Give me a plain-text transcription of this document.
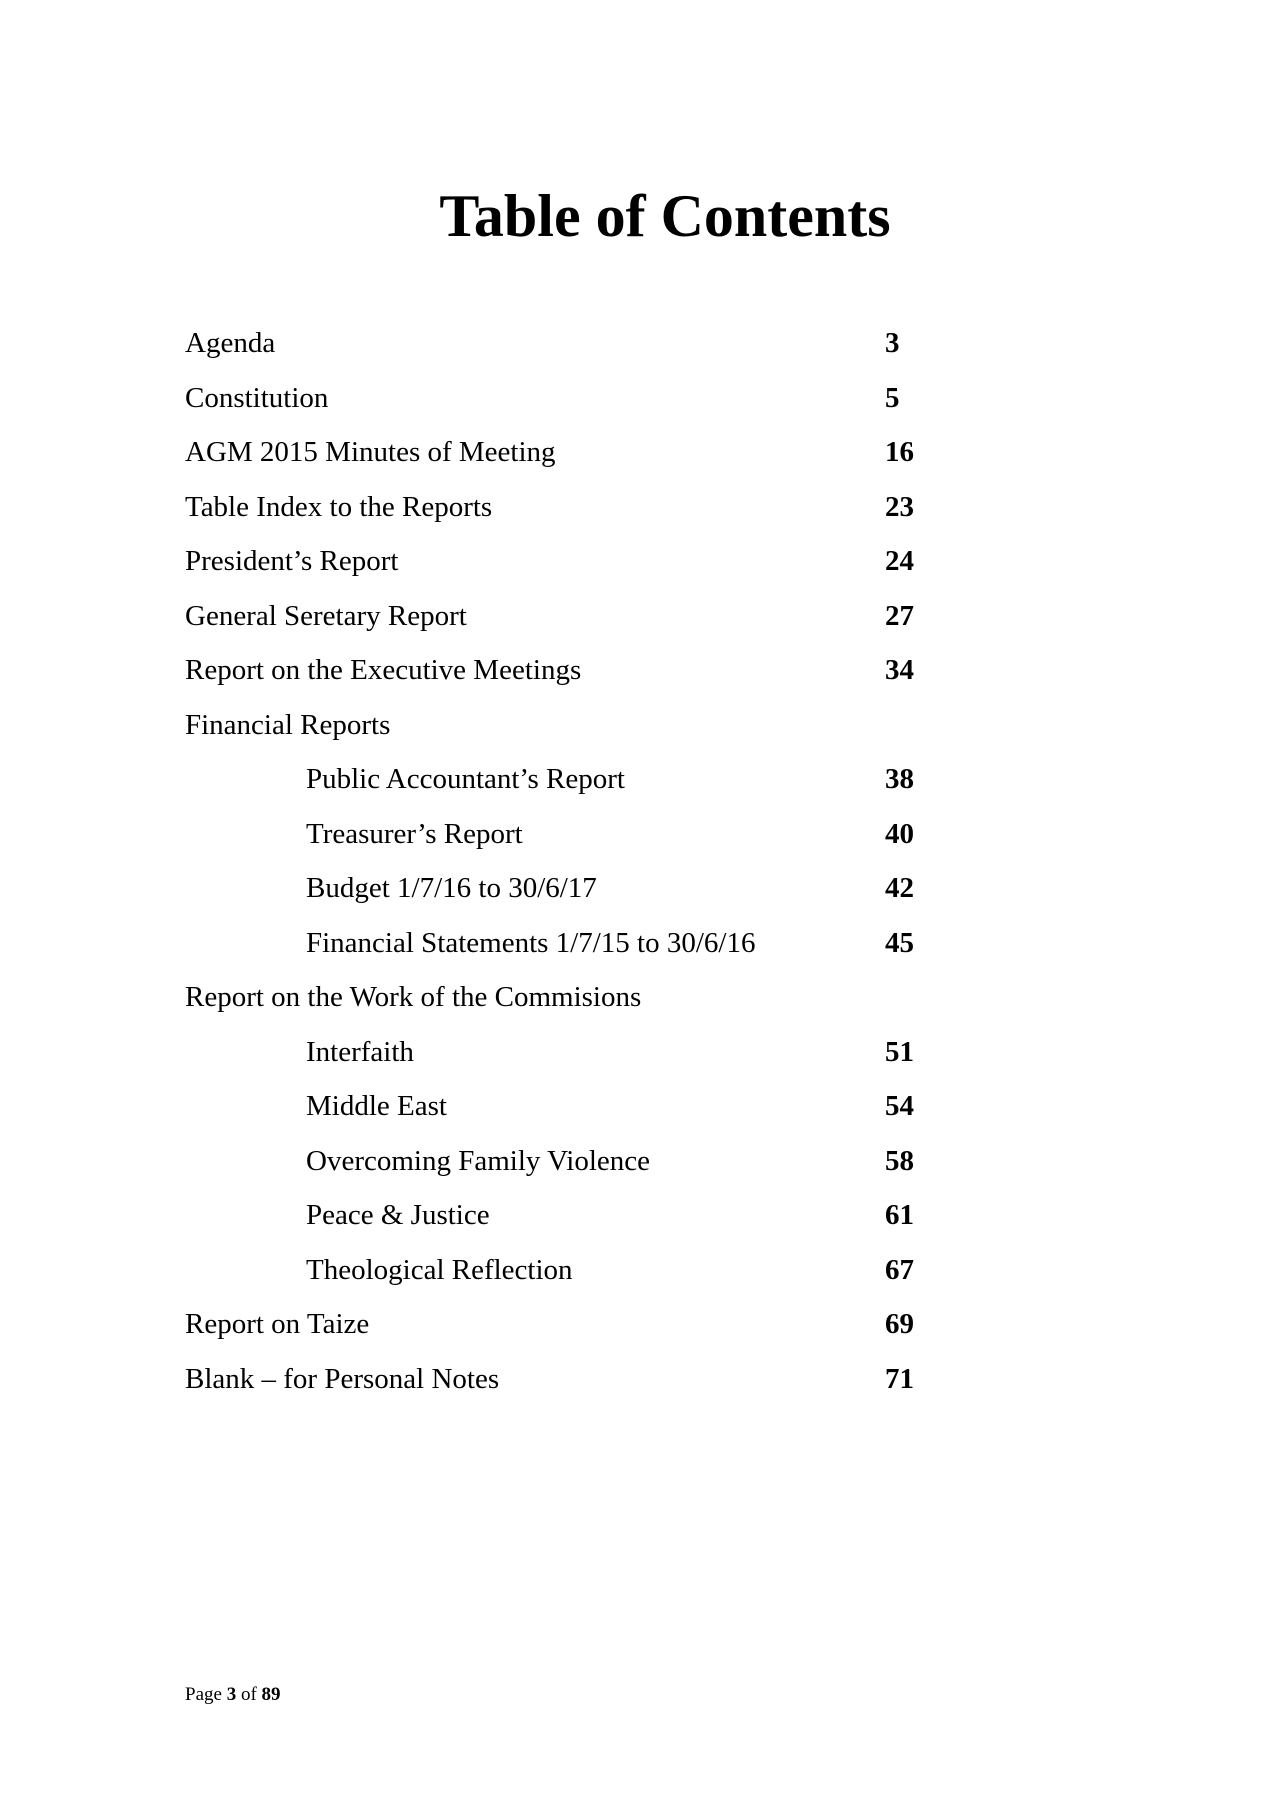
Table of Contents
Agenda	3
Constitution	5
AGM 2015 Minutes of Meeting	16
Table Index to the Reports	23
President’s Report	24
General Seretary Report	27
Report on the Executive Meetings	34
Financial Reports
Public Accountant’s Report	38
Treasurer’s Report	40
Budget 1/7/16 to 30/6/17	42
Financial Statements 1/7/15 to 30/6/16	45
Report on the Work of the Commisions
Interfaith	51
Middle East	54
Overcoming Family Violence	58
Peace & Justice	61
Theological Reflection	67
Report on Taize	69
Blank – for Personal Notes	71
Page 3 of 89
